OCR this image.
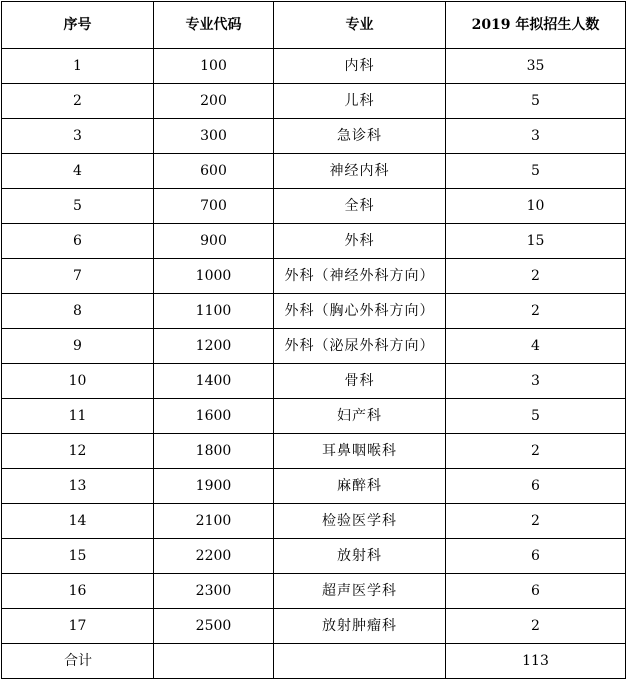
序号	专业代码	专业	2019 年拟招生人数
1	100	内科	35
2	200	儿科	5
3	300	急诊科	3
4	600	神经内科	5
5	700	全科	10
6	900	外科	15
7	1000	外科（神经外科方向）	2
8	1100	外科（胸心外科方向）	2
9	1200	外科（泌尿外科方向）	4
10	1400	骨科	3
11	1600	妇产科	5
12	1800	耳鼻咽喉科	2
13	1900	麻醉科	6
14	2100	检验医学科	2
15	2200	放射科	6
16	2300	超声医学科	6
17	2500	放射肿瘤科	2
合计			113
